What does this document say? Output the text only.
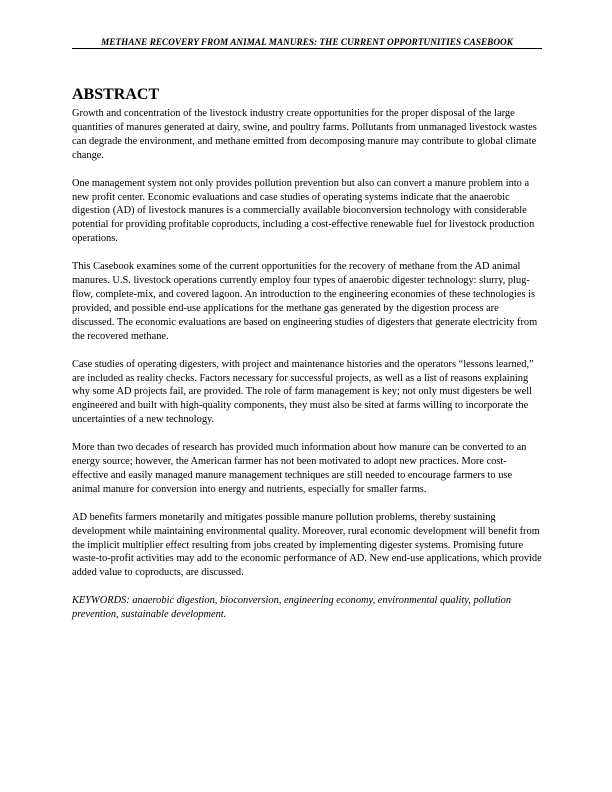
METHANE RECOVERY FROM ANIMAL MANURES: THE CURRENT OPPORTUNITIES CASEBOOK
ABSTRACT

Growth and concentration of the livestock industry create opportunities for the proper disposal of the large quantities of manures generated at dairy, swine, and poultry farms. Pollutants from unmanaged livestock wastes can degrade the environment, and methane emitted from decomposing manure may contribute to global climate change.

One management system not only provides pollution prevention but also can convert a manure problem into a new profit center. Economic evaluations and case studies of operating systems indicate that the anaerobic digestion (AD) of livestock manures is a commercially available bioconversion technology with considerable potential for providing profitable coproducts, including a cost-effective renewable fuel for livestock production operations.

This Casebook examines some of the current opportunities for the recovery of methane from the AD animal manures. U.S. livestock operations currently employ four types of anaerobic digester technology: slurry, plug-flow, complete-mix, and covered lagoon. An introduction to the engineering economies of these technologies is provided, and possible end-use applications for the methane gas generated by the digestion process are discussed. The economic evaluations are based on engineering studies of digesters that generate electricity from the recovered methane.

Case studies of operating digesters, with project and maintenance histories and the operators “lessons learned,” are included as reality checks. Factors necessary for successful projects, as well as a list of reasons explaining why some AD projects fail, are provided. The role of farm management is key; not only must digesters be well engineered and built with high-quality components, they must also be sited at farms willing to incorporate the uncertainties of a new technology.

More than two decades of research has provided much information about how manure can be converted to an energy source; however, the American farmer has not been motivated to adopt new practices. More cost-effective and easily managed manure management techniques are still needed to encourage farmers to use animal manure for conversion into energy and nutrients, especially for smaller farms.

AD benefits farmers monetarily and mitigates possible manure pollution problems, thereby sustaining development while maintaining environmental quality. Moreover, rural economic development will benefit from the implicit multiplier effect resulting from jobs created by implementing digester systems. Promising future waste-to-profit activities may add to the economic performance of AD. New end-use applications, which provide added value to coproducts, are discussed.

KEYWORDS: anaerobic digestion, bioconversion, engineering economy, environmental quality, pollution prevention, sustainable development.
